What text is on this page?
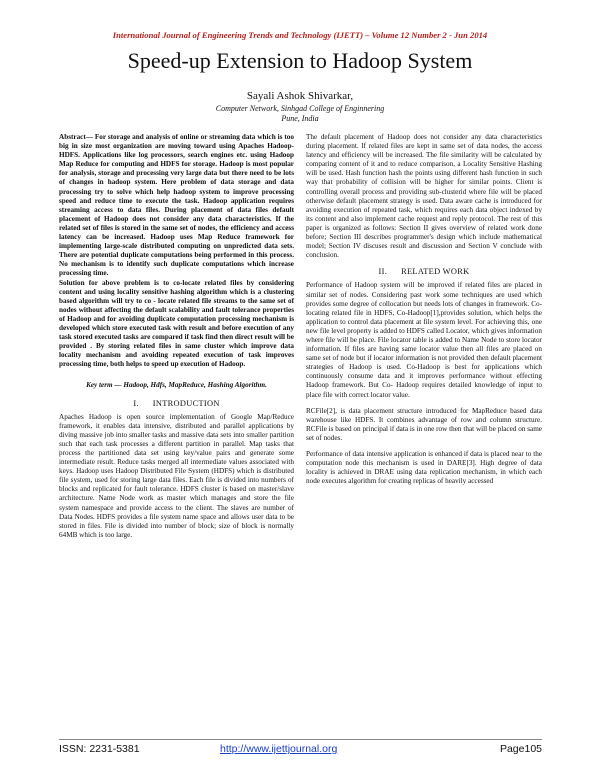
International Journal of Engineering Trends and Technology (IJETT) – Volume 12 Number 2 - Jun 2014
Speed-up Extension to Hadoop System
Sayali Ashok Shivarkar,
Computer Network, Sinhgad College of Enginnering
Pune, India

Abstract— For storage and analysis of online or streaming data which is too big in size most organization are moving toward using Apaches Hadoop- HDFS. Applications like log processors, search engines etc. using Hadoop Map Reduce for computing and HDFS for storage. Hadoop is most popular for analysis, storage and processing very large data but there need to be lots of changes in hadoop system. Here problem of data storage and data processing try to solve which help hadoop system to improve processing speed and reduce time to execute the task. Hadoop application requires streaming access to data files. During placement of data files default placement of Hadoop does not consider any data characteristics. If the related set of files is stored in the same set of nodes, the efficiency and access latency can be increased. Hadoop uses Map Reduce framework for implementing large-scale distributed computing on unpredicted data sets. There are potential duplicate computations being performed in this process. No mechanism is to identify such duplicate computations which increase processing time.

Solution for above problem is to co-locate related files by considering content and using locality sensitive hashing algorithm which is a clustering based algorithm will try to co - locate related file streams to the same set of nodes without affecting the default scalability and fault tolerance properties of Hadoop and for avoiding duplicate computation processing mechanism is developed which store executed task with result and before execution of any task stored executed tasks are compared if task find then direct result will be provided . By storing related files in same cluster which improve data locality mechanism and avoiding repeated execution of task improves processing time, both helps to speed up execution of Hadoop.

Key term — Hadoop, Hdfs, MapReduce, Hashing Algorithm.

I. INTRODUCTION

Apaches Hadoop is open source implementation of Google Map/Reduce framework, it enables data intensive, distributed and parallel applications by diving massive job into smaller tasks and massive data sets into smaller partition such that each task processes a different partition in parallel. Map tasks that process the partitioned data set using key/value pairs and generate some intermediate result. Reduce tasks merged all intermediate values associated with keys. Hadoop uses Hadoop Distributed File System (HDFS) which is distributed file system, used for storing large data files. Each file is divided into numbers of blocks and replicated for fault tolerance. HDFS cluster is based on master/slave architecture. Name Node work as master which manages and store the file system namespace and provide access to the client. The slaves are number of Data Nodes. HDFS provides a file system name space and allows user data to be stored in files. File is divided into number of block; size of block is normally 64MB which is too large.

The default placement of Hadoop does not consider any data characteristics during placement. If related files are kept in same set of data nodes, the access latency and efficiency will be increased. The file similarity will be calculated by comparing content of it and to reduce comparison, a Locality Sensitive Hashing will be used. Hash function hash the points using different hash function in such way that probability of collision will be higher for similar points. Client is controlling overall process and providing sub-clusterid where file will be placed otherwise default placement strategy is used. Data aware cache is introduced for avoiding execution of repeated task, which requires each data object indexed by its content and also implement cache request and reply protocol. The rest of this paper is organized as follows: Section II gives overview of related work done before; Section III describes programmer's design which include mathematical model; Section IV discuses result and discussion and Section V conclude with conclusion.

II. RELATED WORK

Performance of Hadoop system will be improved if related files are placed in similar set of nodes. Considering past work some techniques are used which provides some degree of collocation but needs lots of changes in framework. Co-locating related file in HDFS, Co-Hadoop[1],provides solution, which helps the application to control data placement at file system level. For achieving this, one new file level property is added to HDFS called Locator, which gives information where file will be place. File locator table is added to Name Node to store locator information. If files are having same locator value then all files are placed on same set of node but if locator information is not provided then default placement strategies of Hadoop is used. Co-Hadoop is best for applications which continuously consume data and it improves performance without effecting Hadoop framework. But Co- Hadoop requires detailed knowledge of input to place file with correct locator value.

RCFile[2], is data placement structure introduced for MapReduce based data warehouse like HDFS. It combines advantage of row and column structure. RCFile is based on principal if data is in one row then that will be placed on same set of nodes.

Performance of data intensive application is enhanced if data is placed near to the computation node this mechanism is used in DARE[3]. High degree of data locality is achieved in DRAE using data replication mechanism, in which each node executes algorithm for creating replicas of heavily accessed

ISSN: 2231-5381	http://www.ijettjournal.org	Page105
